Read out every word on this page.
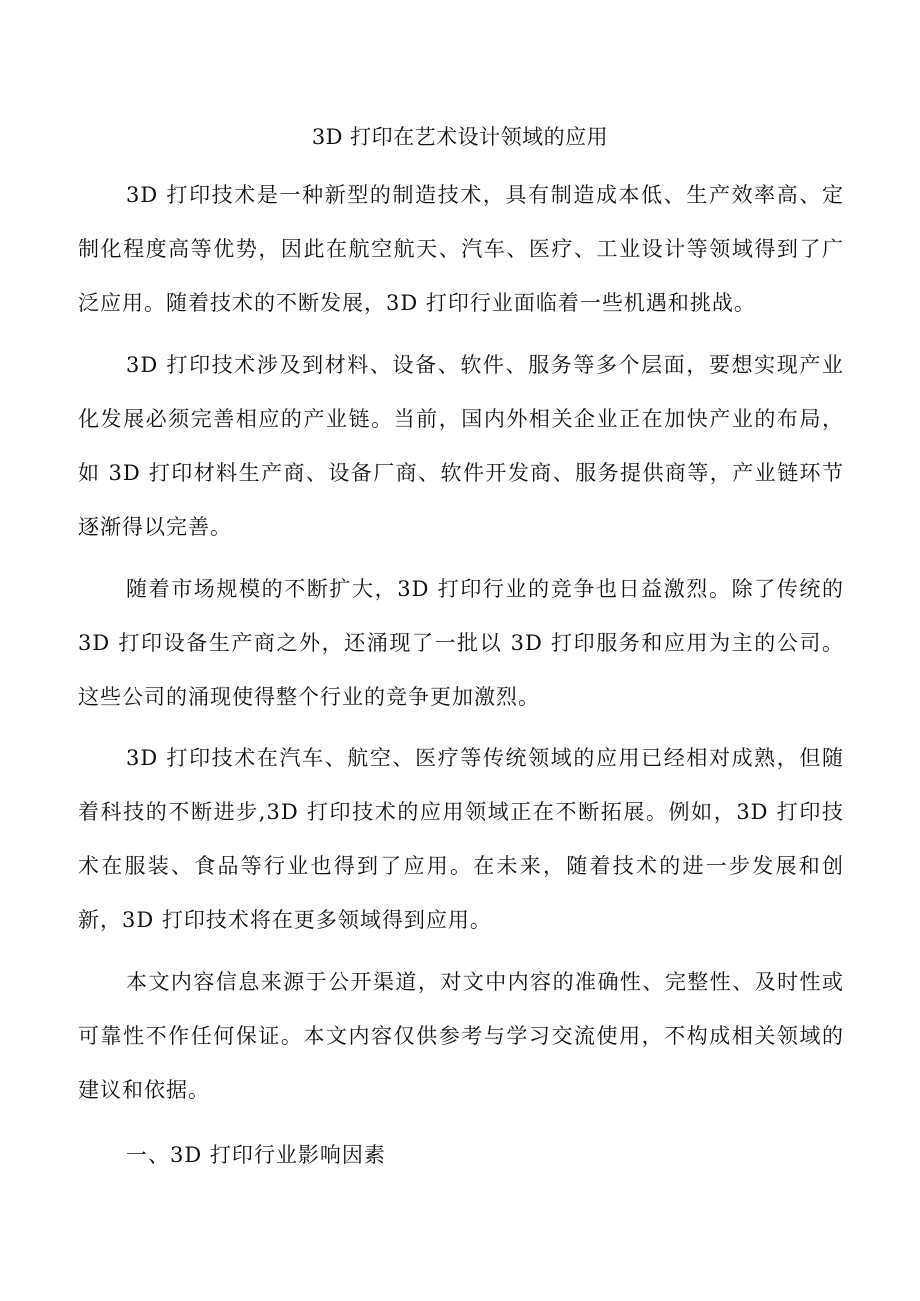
3D 打印在艺术设计领域的应用

3D 打印技术是一种新型的制造技术，具有制造成本低、生产效率高、定制化程度高等优势，因此在航空航天、汽车、医疗、工业设计等领域得到了广泛应用。随着技术的不断发展，3D 打印行业面临着一些机遇和挑战。

3D 打印技术涉及到材料、设备、软件、服务等多个层面，要想实现产业化发展必须完善相应的产业链。当前，国内外相关企业正在加快产业的布局，如 3D 打印材料生产商、设备厂商、软件开发商、服务提供商等，产业链环节逐渐得以完善。

随着市场规模的不断扩大，3D 打印行业的竞争也日益激烈。除了传统的 3D 打印设备生产商之外，还涌现了一批以 3D 打印服务和应用为主的公司。这些公司的涌现使得整个行业的竞争更加激烈。

3D 打印技术在汽车、航空、医疗等传统领域的应用已经相对成熟，但随着科技的不断进步,3D 打印技术的应用领域正在不断拓展。例如，3D 打印技术在服装、食品等行业也得到了应用。在未来，随着技术的进一步发展和创新，3D 打印技术将在更多领域得到应用。

本文内容信息来源于公开渠道，对文中内容的准确性、完整性、及时性或可靠性不作任何保证。本文内容仅供参考与学习交流使用，不构成相关领域的建议和依据。

一、3D 打印行业影响因素
